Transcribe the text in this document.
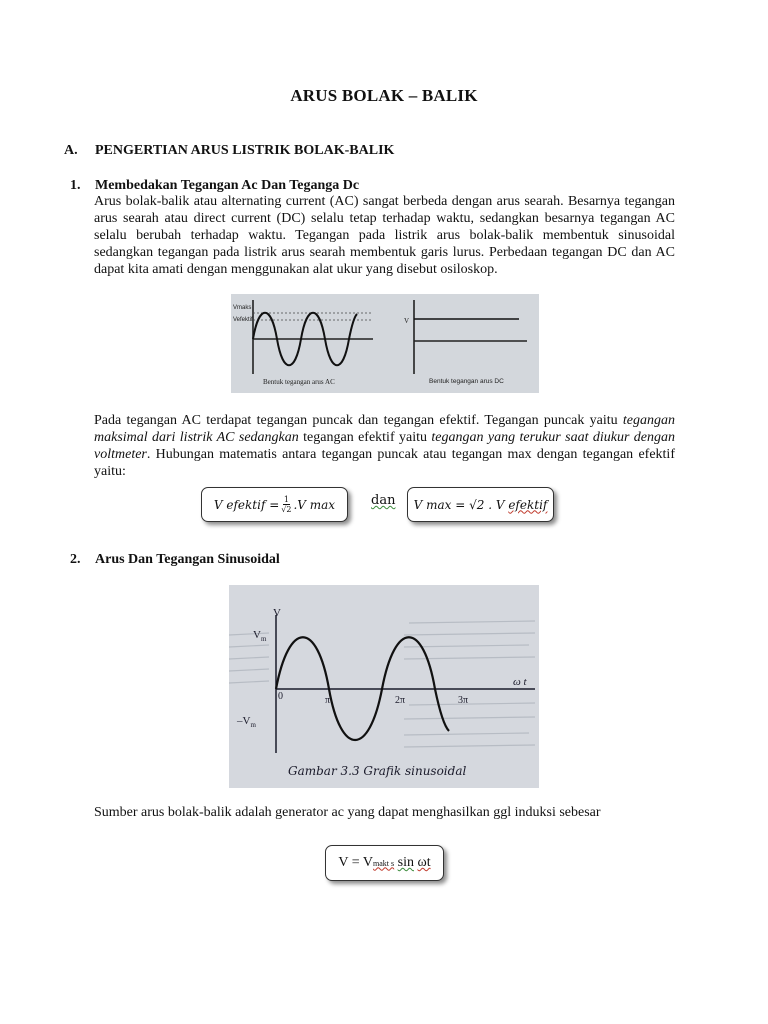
ARUS BOLAK – BALIK
A. PENGERTIAN ARUS LISTRIK BOLAK-BALIK
1. Membedakan Tegangan Ac Dan Teganga Dc

Arus bolak-balik atau alternating current (AC) sangat berbeda dengan arus searah. Besarnya tegangan arus searah atau direct current (DC) selalu tetap terhadap waktu, sedangkan besarnya tegangan AC selalu berubah terhadap waktu. Tegangan pada listrik arus bolak-balik membentuk sinusoidal sedangkan tegangan pada listrik arus searah membentuk garis lurus. Perbedaan tegangan DC dan AC dapat kita amati dengan menggunakan alat ukur yang disebut osiloskop.

Vmaks
Vefektif
Bentuk tegangan arus AC
V
Bentuk tegangan arus DC

Pada tegangan AC terdapat tegangan puncak dan tegangan efektif. Tegangan puncak yaitu tegangan maksimal dari listrik AC sedangkan tegangan efektif yaitu tegangan yang terukur saat diukur dengan voltmeter. Hubungan matematis antara tegangan puncak atau tegangan max dengan tegangan efektif yaitu:

V efektif = $\frac{1}{√2} .V$ max	dan V max = √2 . V
efektif
2. Arus Dan Tegangan Sinusoidal
V
$V_m$
$-V_m$
ω t
0	π	2π	3π
Gambar 3.3 Grafik sinusoidal
Sumber arus bolak-balik adalah generator ac yang dapat menghasilkan ggl induksi sebesar
V = V makt s
sin
ωt
